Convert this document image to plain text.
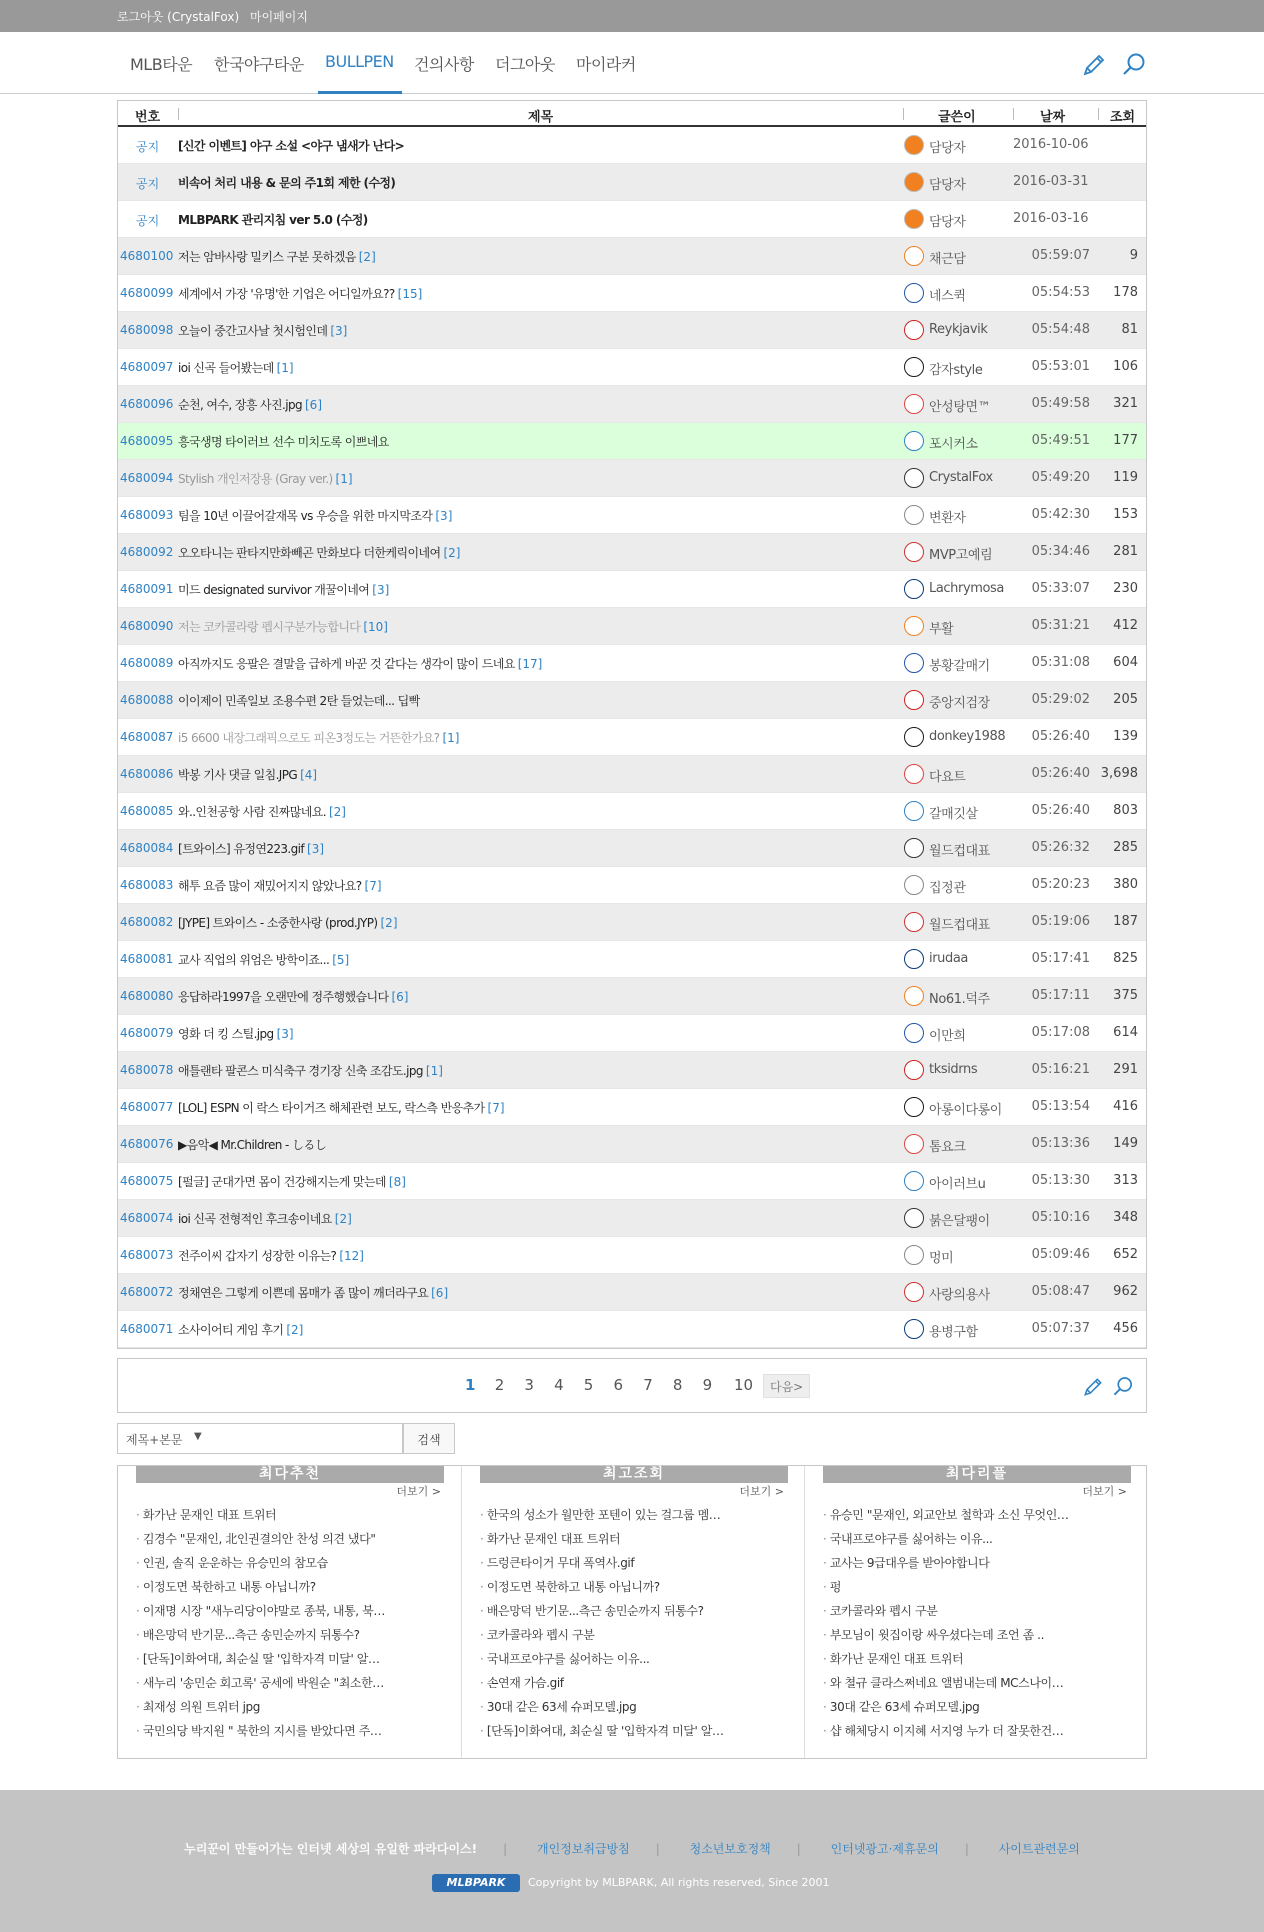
로그아웃 (CrystalFox) 마이페이지
MLB타운 한국야구타운 BULLPEN 건의사항 더그아웃 마이라커
번호	제목	글쓴이	날짜	조회
공지 [신간 이벤트] 야구 소설 <야구 냄새가 난다>	담당자	2016-10-06
공지 비속어 처리 내용 & 문의 주1회 제한 (수정)	담당자	2016-03-31
공지 MLBPARK 관리지침 ver 5.0 (수정)	담당자	2016-03-16
4680100 저는 암바사랑 밀키스 구분 못하겠음 [2]	채근담	05:59:07	9
4680099 세계에서 가장 '유명'한 기업은 어디일까요?? [15]	네스퀵	05:54:53 178
4680098 오늘이 중간고사날 첫시험인데 [3]	Reykjavik	05:54:48 81
4680097 ioi 신곡 들어봤는데 [1]	감자style	05:53:01 106
4680096 순천, 여수, 장흥 사진.jpg [6]	안성탕면™	05:49:58 321
4680095 흥국생명 타이러브 선수 미치도록 이쁘네요	포시커소	05:49:51 177
4680094 Stylish 개인저장용 (Gray ver.) [1]	CrystalFox	05:49:20 119
4680093 팀을 10년 이끌어갈재목 vs 우승을 위한 마지막조각 [3]	변환자	05:42:30 153
4680092 오오타니는 판타지만화빼곤 만화보다 더한케릭이네여 [2]	MVP고예림	05:34:46 281
4680091 미드 designated survivor 개꿀이네여 [3]	Lachrymosa	05:33:07 230
4680090 저는 코카콜라랑 펩시구분가능합니다 [10]	부활	05:31:21 412
4680089 아직까지도 응팔은 결말을 급하게 바꾼 것 같다는 생각이 많이 드네요 [17]	봉황갈매기	05:31:08 604
4680088 이이제이 민족일보 조용수편 2탄 들었는데... 딥빡	중앙지검장	05:29:02 205
4680087 i5 6600 내장그래픽으로도 피온3정도는 거뜬한가요? [1]	donkey1988	05:26:40 139
4680086 박봉 기사 댓글 일침.JPG [4]	다요트	05:26:40 3,698
4680085 와..인천공항 사람 진짜많네요. [2]	갈매깃살	05:26:40 803
4680084 [트와이스] 유정연223.gif [3]	월드컵대표	05:26:32 285
4680083 해투 요즘 많이 재밌어지지 않았나요? [7]	집정관	05:20:23 380
4680082 [JYPE] 트와이스 - 소중한사랑 (prod.JYP) [2]	월드컵대표	05:19:06 187
4680081 교사 직업의 위엄은 방학이죠... [5]	irudaa	05:17:41 825
4680080 응답하라1997을 오랜만에 정주행했습니다 [6]	No61.덕주	05:17:11 375
4680079 영화 더 킹 스틸.jpg [3]	이만희	05:17:08 614
4680078 애틀랜타 팔콘스 미식축구 경기장 신축 조감도.jpg [1]	tksidrns	05:16:21 291
4680077 [LOL] ESPN 이 락스 타이거즈 해체관련 보도, 락스측 반응추가 [7]	아롱이다롱이	05:13:54 416
4680076 ▶음악◀ Mr.Children - しるし	톰요크	05:13:36 149
4680075 [펄글] 군대가면 몸이 건강해지는게 맞는데 [8]	아이러브u	05:13:30 313
4680074 ioi 신곡 전형적인 후크송이네요 [2]	붉은달팽이	05:10:16 348
4680073 전주이씨 갑자기 성장한 이유는? [12]	멍미	05:09:46 652
4680072 정채연은 그렇게 이쁜데 몸매가 좀 많이 깨더라구요 [6]	사랑의용사	05:08:47 962
4680071 소사이어티 게임 후기 [2]	용병구함	05:07:37 456
1 2 3 4 5 6 7 8 9 10	다음>
제목+본문 ▼	검색
최다추천
더보기 >
· 화가난 문재인 대표 트위터
· 김경수 "문재인, 北인권결의안 찬성 의견 냈다"
· 인권, 솔직 운운하는 유승민의 참모습
· 이정도면 북한하고 내통 아닙니까?
· 이재명 시장 "새누리당이야말로 종북, 내통, 북…
· 배은망덕 반기문...측근 송민순까지 뒤통수?
· [단독]이화여대, 최순실 딸 '입학자격 미달' 알…
· 새누리 '송민순 회고록' 공세에 박원순 "최소한…
· 최재성 의원 트위터 jpg
· 국민의당 박지원 " 북한의 지시를 받았다면 주…
최고조회
더보기 >
· 한국의 성소가 월만한 포텐이 있는 걸그룹 멤…
· 화가난 문재인 대표 트위터
· 드렁큰타이거 무대 폭역사.gif
· 이정도면 북한하고 내통 아닙니까?
· 배은망덕 반기문...측근 송민순까지 뒤통수?
· 코카콜라와 펩시 구분
· 국내프로야구를 싫어하는 이유...
· 손연재 가슴.gif
· 30대 같은 63세 슈퍼모델.jpg
· [단독]이화여대, 최순실 딸 '입학자격 미달' 알…
최다리플
더보기 >
· 유승민 "문재인, 외교안보 철학과 소신 무엇인…
· 국내프로야구를 싫어하는 이유...
· 교사는 9급대우를 받아야합니다
· 펑
· 코카콜라와 펩시 구분
· 부모님이 윗집이랑 싸우셨다는데 조언 좀 ..
· 화가난 문재인 대표 트위터
· 와 쳘규 클라스쩌네요 앨범내는데 MC스나이…
· 30대 같은 63세 슈퍼모델.jpg
· 샵 해체당시 이지혜 서지영 누가 더 잘못한건…
누리꾼이 만들어가는 인터넷 세상의 유일한 파라다이스! | 개인정보취급방침 | 청소년보호정책 | 인터넷광고·제휴문의 | 사이트관련문의
MLBPARK	Copyright by MLBPARK, All rights reserved, Since 2001
